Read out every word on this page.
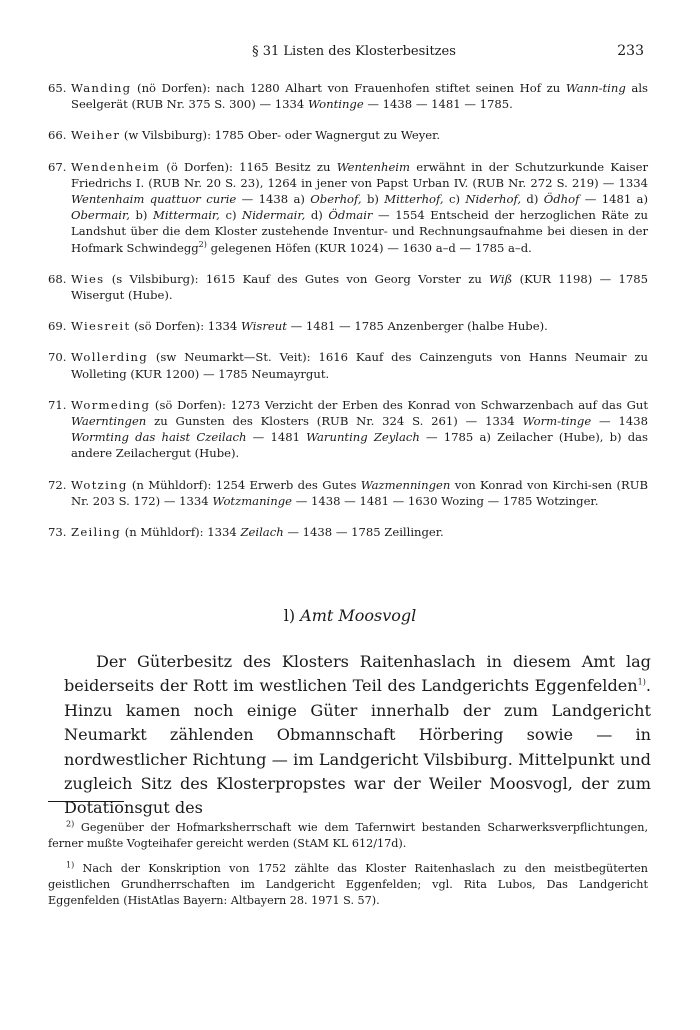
§ 31 Listen des Klosterbesitzes	233
65. Wanding (nö Dorfen): nach 1280 Alhart von Frauenhofen stiftet seinen Hof zu Wann-ting als Seelgerät (RUB Nr. 375 S. 300) — 1334 Wontinge — 1438 — 1481 — 1785.
66. Weiher (w Vilsbiburg): 1785 Ober- oder Wagnergut zu Weyer.
67. Wendenheim (ö Dorfen): 1165 Besitz zu Wentenheim erwähnt in der Schutzurkunde Kaiser Friedrichs I. (RUB Nr. 20 S. 23), 1264 in jener von Papst Urban IV. (RUB Nr. 272 S. 219) — 1334 Wentenhaim quattuor curie — 1438 a) Oberhof, b) Mitterhof, c) Niderhof, d) Ödhof — 1481 a) Obermair, b) Mittermair, c) Nidermair, d) Ödmair — 1554 Entscheid der herzoglichen Räte zu Landshut über die dem Kloster zustehende Inventur- und Rechnungsaufnahme bei diesen in der Hofmark Schwindegg$^{2)}$ gelegenen Höfen (KUR 1024) — 1630 a–d — 1785 a–d.
68. Wies (s Vilsbiburg): 1615 Kauf des Gutes von Georg Vorster zu Wiß (KUR 1198) — 1785 Wisergut (Hube).
69. Wiesreit (sö Dorfen): 1334 Wisreut — 1481 — 1785 Anzenberger (halbe Hube).
70. Wollerding (sw Neumarkt—St. Veit): 1616 Kauf des Cainzenguts von Hanns Neumair zu Wolleting (KUR 1200) — 1785 Neumayrgut.
71. Wormeding (sö Dorfen): 1273 Verzicht der Erben des Konrad von Schwarzenbach auf das Gut Waerntingen zu Gunsten des Klosters (RUB Nr. 324 S. 261) — 1334 Worm-tinge — 1438 Wormting das haist Czeilach — 1481 Warunting Zeylach — 1785 a) Zeilacher (Hube), b) das andere Zeilachergut (Hube).
72. Wotzing (n Mühldorf): 1254 Erwerb des Gutes Wazmenningen von Konrad von Kirchi-sen (RUB Nr. 203 S. 172) — 1334 Wotzmaninge — 1438 — 1481 — 1630 Wozing — 1785 Wotzinger.
73. Zeiling (n Mühldorf): 1334 Zeilach — 1438 — 1785 Zeillinger.
l) Amt Moosvogl

Der Güterbesitz des Klosters Raitenhaslach in diesem Amt lag beiderseits der Rott im westlichen Teil des Landgerichts Eggenfelden$^{1)}$. Hinzu kamen noch einige Güter innerhalb der zum Landgericht Neumarkt zählenden Obmannschaft Hörbering sowie — in nordwestlicher Richtung — im Landgericht Vilsbiburg. Mittelpunkt und zugleich Sitz des Klosterpropstes war der Weiler Moosvogl, der zum Dotationsgut des

$^{2)}$ Gegenüber der Hofmarksherrschaft wie dem Tafernwirt bestanden Scharwerksverpflichtungen, ferner mußte Vogteihafer gereicht werden (StAM KL 612/17d).

$^{1)}$ Nach der Konskription von 1752 zählte das Kloster Raitenhaslach zu den meistbegüterten geistlichen Grundherrschaften im Landgericht Eggenfelden; vgl. Rita Lubos, Das Landgericht Eggenfelden (HistAtlas Bayern: Altbayern 28. 1971 S. 57).
